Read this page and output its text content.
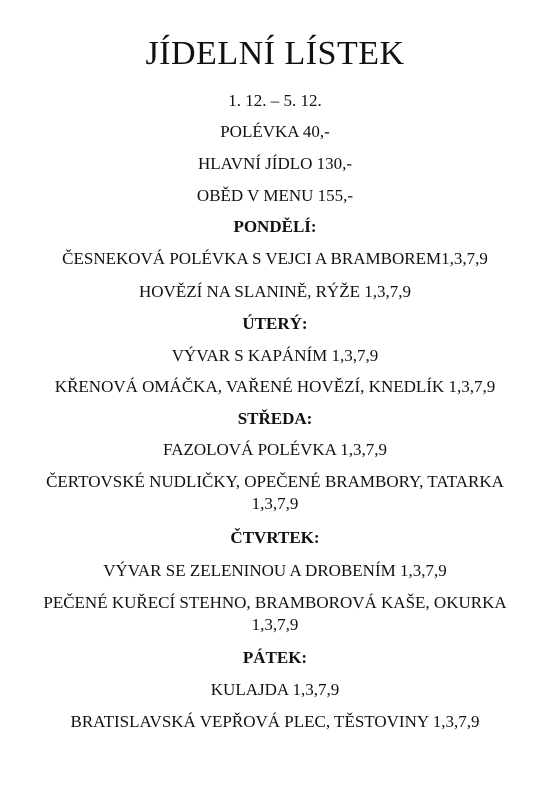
JÍDELNÍ LÍSTEK
1. 12. – 5. 12.
POLÉVKA 40,-
HLAVNÍ JÍDLO 130,-
OBĚD V MENU 155,-
PONDĚLÍ:
ČESNEKOVÁ POLÉVKA S VEJCI A BRAMBOREM1,3,7,9
HOVĚZÍ NA SLANINĚ, RÝŽE 1,3,7,9
ÚTERÝ:
VÝVAR S KAPÁNÍM 1,3,7,9
KŘENOVÁ OMÁČKA, VAŘENÉ HOVĚZÍ, KNEDLÍK 1,3,7,9
STŘEDA:
FAZOLOVÁ POLÉVKA 1,3,7,9
ČERTOVSKÉ NUDLIČKY, OPEČENÉ BRAMBORY, TATARKA 1,3,7,9
ČTVRTEK:
VÝVAR SE ZELENINOU A DROBENÍM 1,3,7,9
PEČENÉ KUŘECÍ STEHNO, BRAMBOROVÁ KAŠE, OKURKA 1,3,7,9
PÁTEK:
KULAJDA 1,3,7,9
BRATISLAVSKÁ VEPŘOVÁ PLEC, TĚSTOVINY 1,3,7,9
